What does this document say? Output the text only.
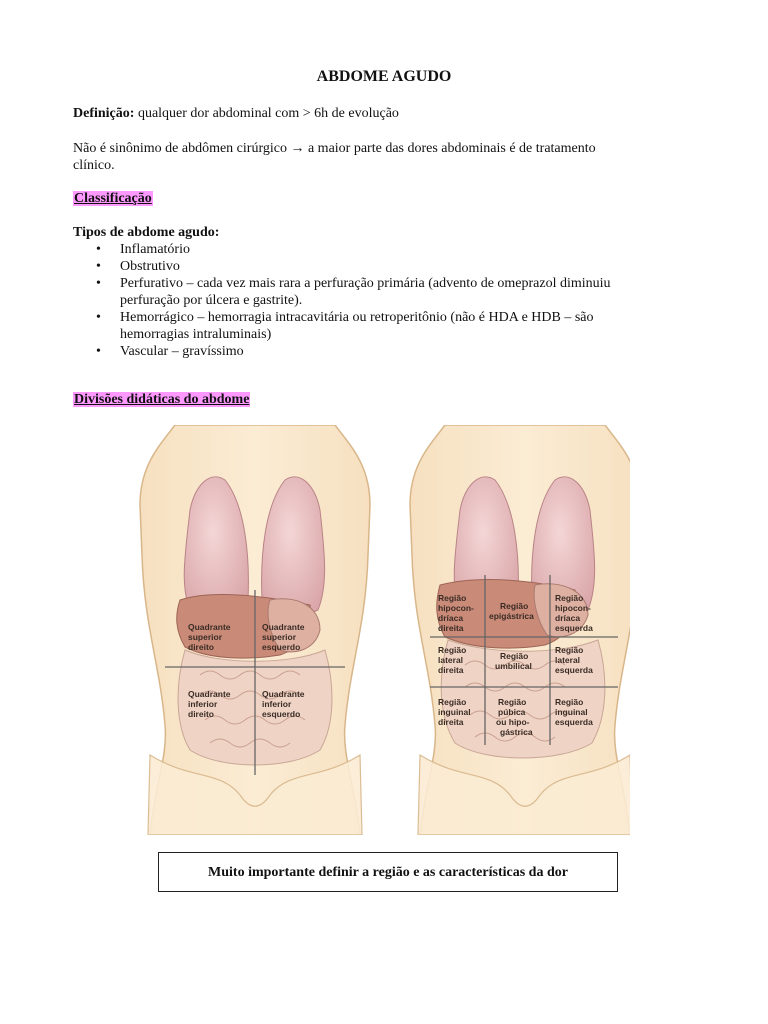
ABDOME AGUDO
Definição: qualquer dor abdominal com > 6h de evolução
Não é sinônimo de abdômen cirúrgico → a maior parte das dores abdominais é de tratamento
clínico.
Classificação
Tipos de abdome agudo:
• Inflamatório
• Obstrutivo
• Perfurativo – cada vez mais rara a perfuração primária (advento de omeprazol diminuiu
perfuração por úlcera e gastrite).
• Hemorrágico – hemorragia intracavitária ou retroperitônio (não é HDA e HDB – são
hemorragias intraluminais)
• Vascular – gravíssimo
Divisões didáticas do abdome
Quadrante superior direito
Quadrante superior esquerdo
Quadrante inferior direito
Quadrante inferior esquerdo
Região hipocon-dríaca direita
Região epigástrica
Região hipocon-dríaca esquerda
Região lateral direita
Região umbilical
Região lateral esquerda
Região inguinal direita
Região púbica ou hipo-gástrica
Região inguinal esquerda
Muito importante definir a região e as características da dor
